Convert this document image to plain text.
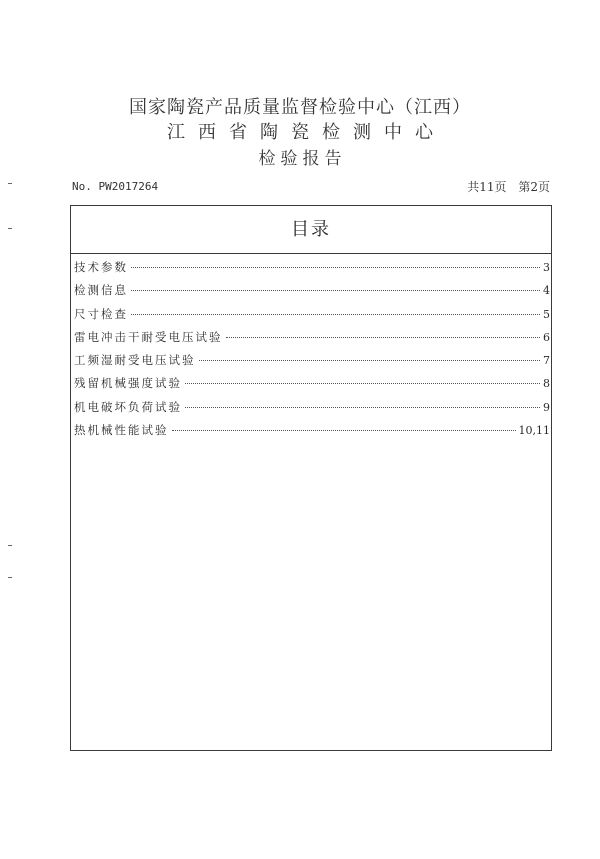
国家陶瓷产品质量监督检验中心（江西）
江西省陶瓷检测中心
检验报告
No. PW2017264	共11页 第2页
目录
技术参数	3
检测信息	4
尺寸检查	5
雷电冲击干耐受电压试验	6
工频湿耐受电压试验	7
残留机械强度试验	8
机电破坏负荷试验	9
热机械性能试验	10,11
